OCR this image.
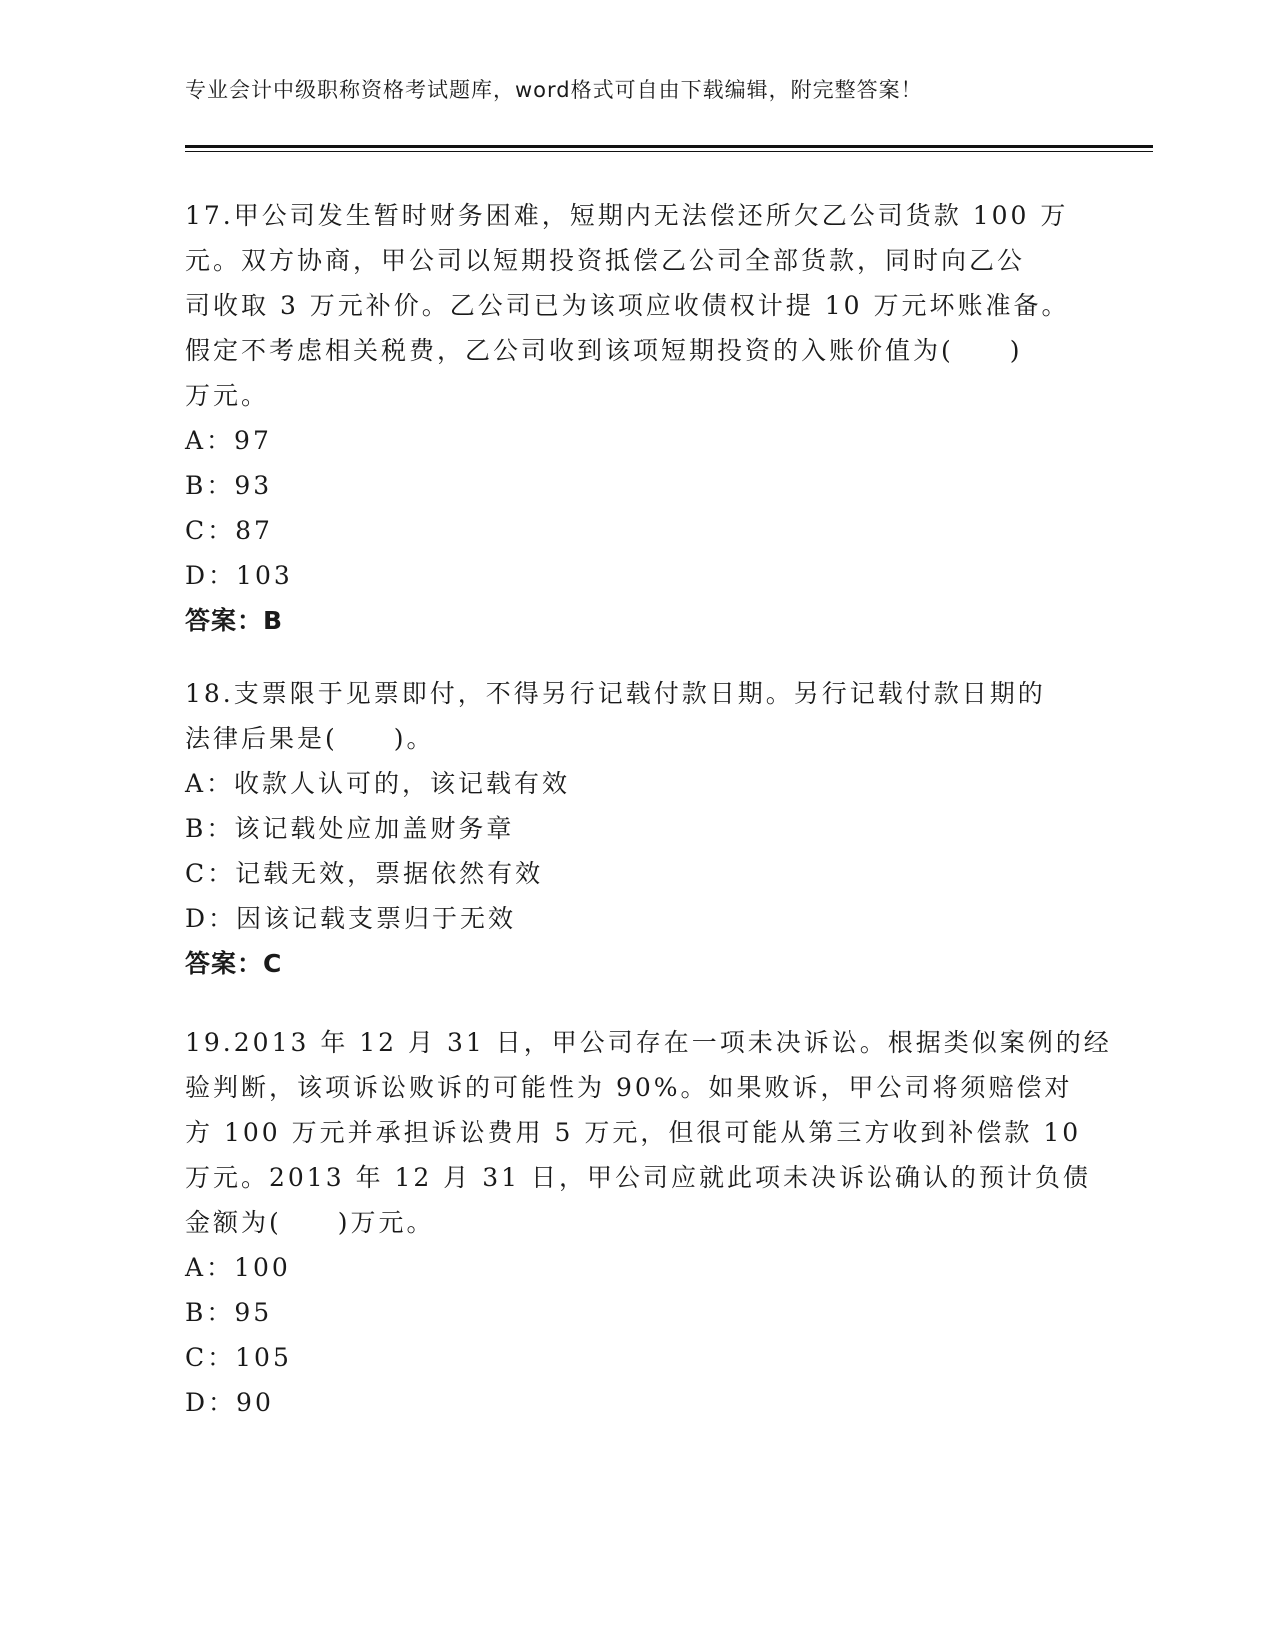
专业会计中级职称资格考试题库，word格式可自由下载编辑，附完整答案！
17.甲公司发生暂时财务困难，短期内无法偿还所欠乙公司货款 100 万
元。双方协商，甲公司以短期投资抵偿乙公司全部货款，同时向乙公
司收取 3 万元补价。乙公司已为该项应收债权计提 10 万元坏账准备。
假定不考虑相关税费，乙公司收到该项短期投资的入账价值为(　　)
万元。
A：97
B：93
C：87
D：103
答案：B
18.支票限于见票即付，不得另行记载付款日期。另行记载付款日期的
法律后果是(　　)。
A：收款人认可的，该记载有效
B：该记载处应加盖财务章
C：记载无效，票据依然有效
D：因该记载支票归于无效
答案：C
19.2013 年 12 月 31 日，甲公司存在一项未决诉讼。根据类似案例的经
验判断，该项诉讼败诉的可能性为 90%。如果败诉，甲公司将须赔偿对
方 100 万元并承担诉讼费用 5 万元，但很可能从第三方收到补偿款 10
万元。2013 年 12 月 31 日，甲公司应就此项未决诉讼确认的预计负债
金额为(　　)万元。
A：100
B：95
C：105
D：90
